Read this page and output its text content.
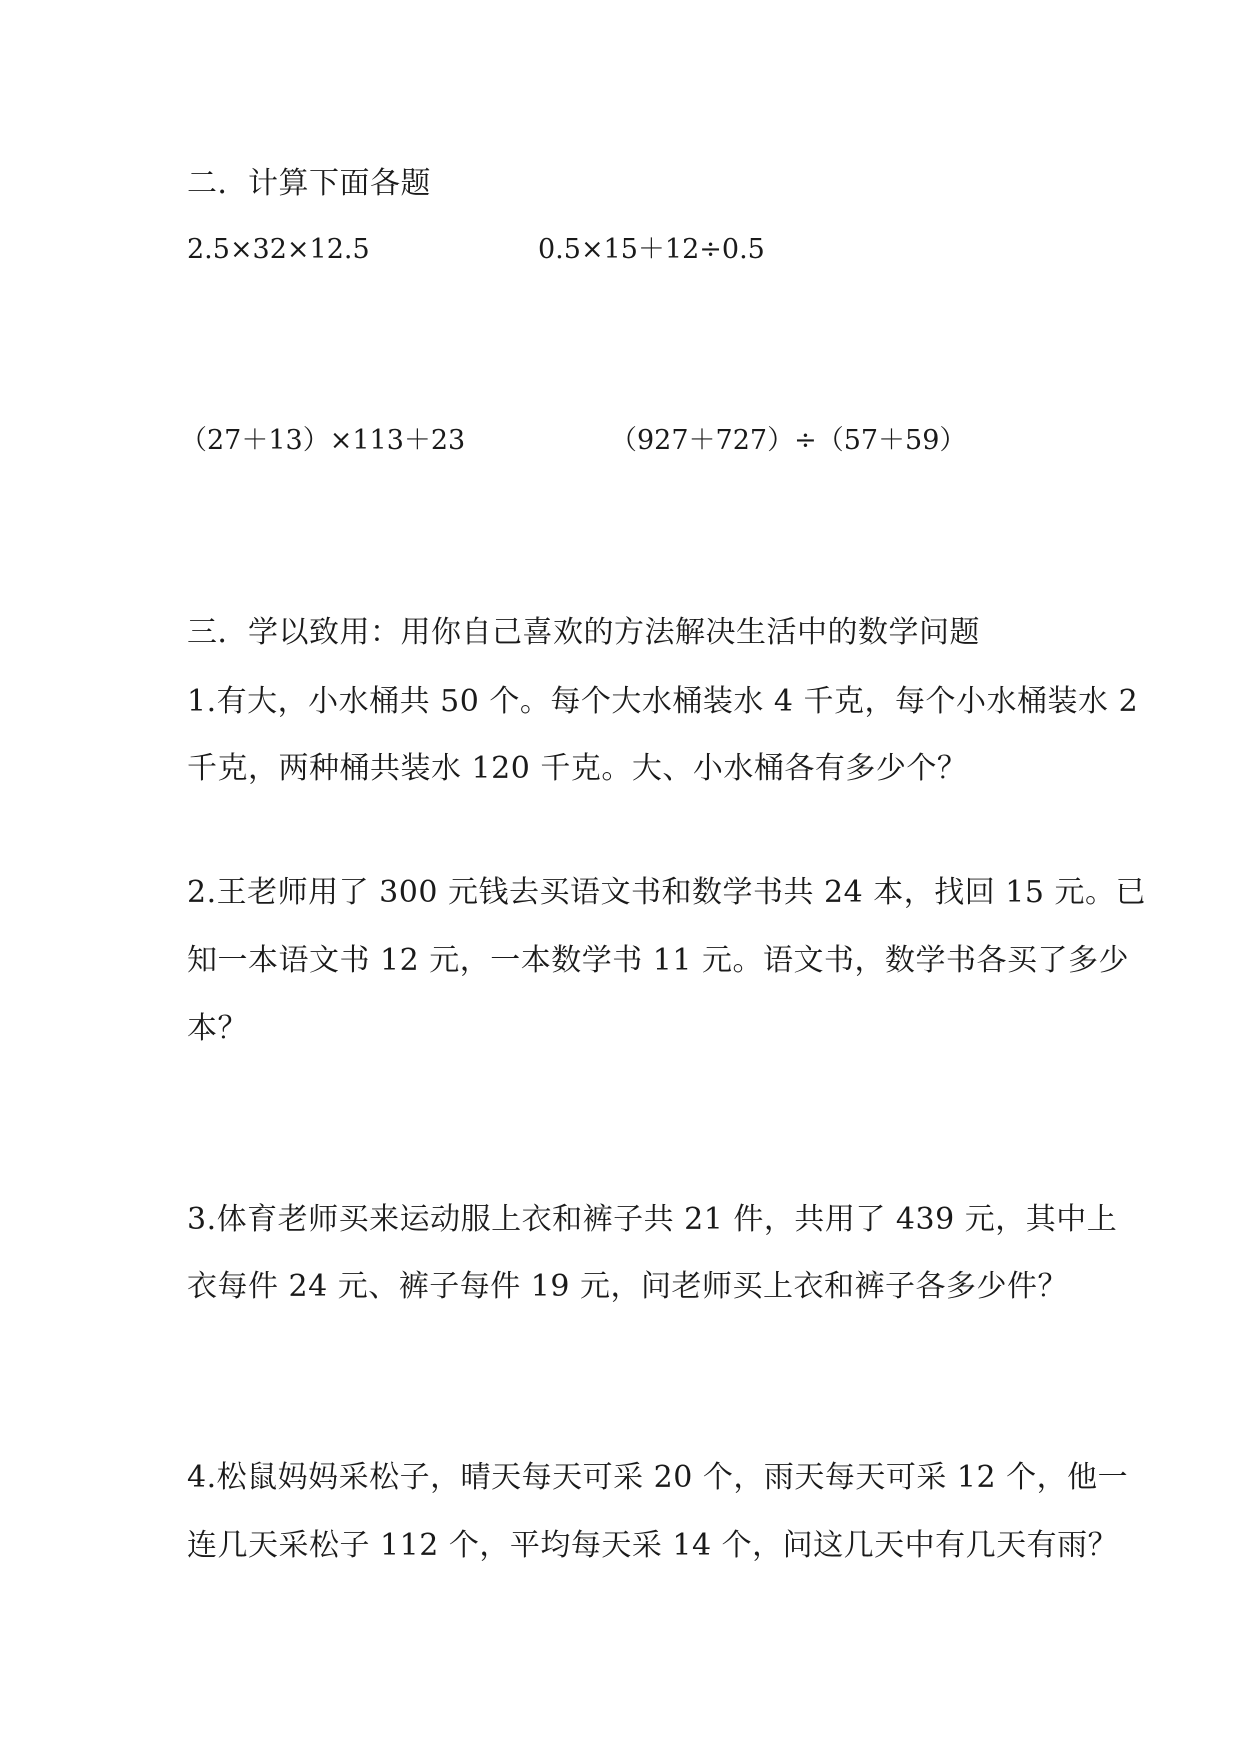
二．计算下面各题
2.5×32×12.5	0.5×15＋12÷0.5
（27＋13）×113＋23	（927＋727）÷（57＋59）
三．学以致用：用你自己喜欢的方法解决生活中的数学问题
1.有大，小水桶共 50 个。每个大水桶装水 4 千克，每个小水桶装水 2
千克，两种桶共装水 120 千克。大、小水桶各有多少个？
2.王老师用了 300 元钱去买语文书和数学书共 24 本，找回 15 元。已
知一本语文书 12 元，一本数学书 11 元。语文书，数学书各买了多少
本？
3.体育老师买来运动服上衣和裤子共 21 件，共用了 439 元，其中上
衣每件 24 元、裤子每件 19 元，问老师买上衣和裤子各多少件？
4.松鼠妈妈采松子，晴天每天可采 20 个，雨天每天可采 12 个，他一
连几天采松子 112 个，平均每天采 14 个，问这几天中有几天有雨？
